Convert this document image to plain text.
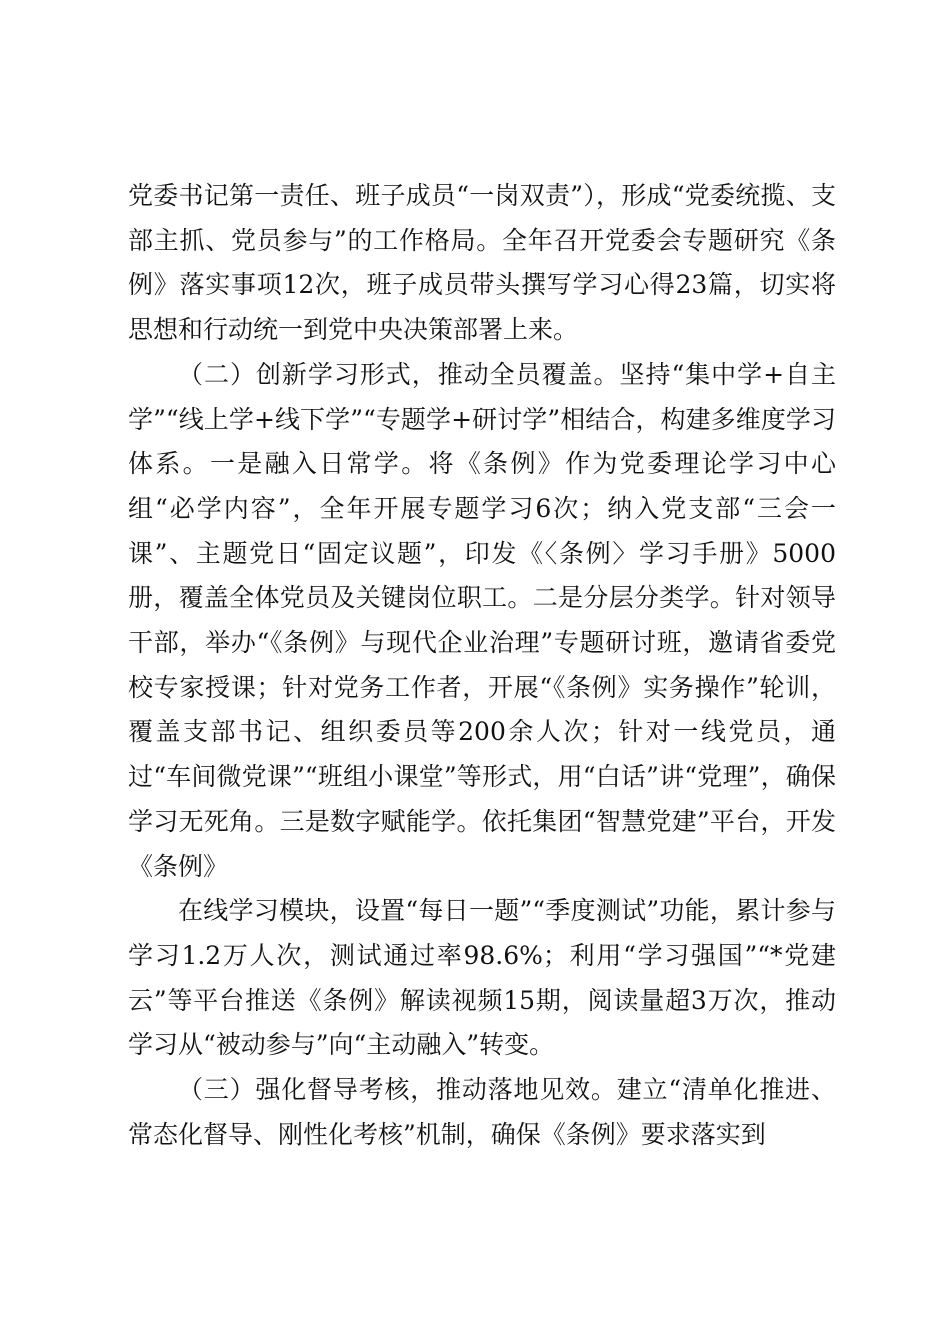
党委书记第一责任、班子成员“一岗双责”），形成“党委统揽、支部主抓、党员参与”的工作格局。全年召开党委会专题研究《条例》落实事项12次，班子成员带头撰写学习心得23篇，切实将思想和行动统一到党中央决策部署上来。

（二）创新学习形式，推动全员覆盖。坚持“集中学+自主学”“线上学+线下学”“专题学+研讨学”相结合，构建多维度学习体系。一是融入日常学。将《条例》作为党委理论学习中心组“必学内容”，全年开展专题学习6次；纳入党支部“三会一课”、主题党日“固定议题”，印发《〈条例〉学习手册》5000册，覆盖全体党员及关键岗位职工。二是分层分类学。针对领导干部，举办“《条例》与现代企业治理”专题研讨班，邀请省委党校专家授课；针对党务工作者，开展“《条例》实务操作”轮训，覆盖支部书记、组织委员等200余人次；针对一线党员，通过“车间微党课”“班组小课堂”等形式，用“白话”讲“党理”，确保学习无死角。三是数字赋能学。依托集团“智慧党建”平台，开发《条例》

在线学习模块，设置“每日一题”“季度测试”功能，累计参与学习1.2万人次，测试通过率98.6%；利用“学习强国”“*党建云”等平台推送《条例》解读视频15期，阅读量超3万次，推动学习从“被动参与”向“主动融入”转变。

（三）强化督导考核，推动落地见效。建立“清单化推进、常态化督导、刚性化考核”机制，确保《条例》要求落实到
